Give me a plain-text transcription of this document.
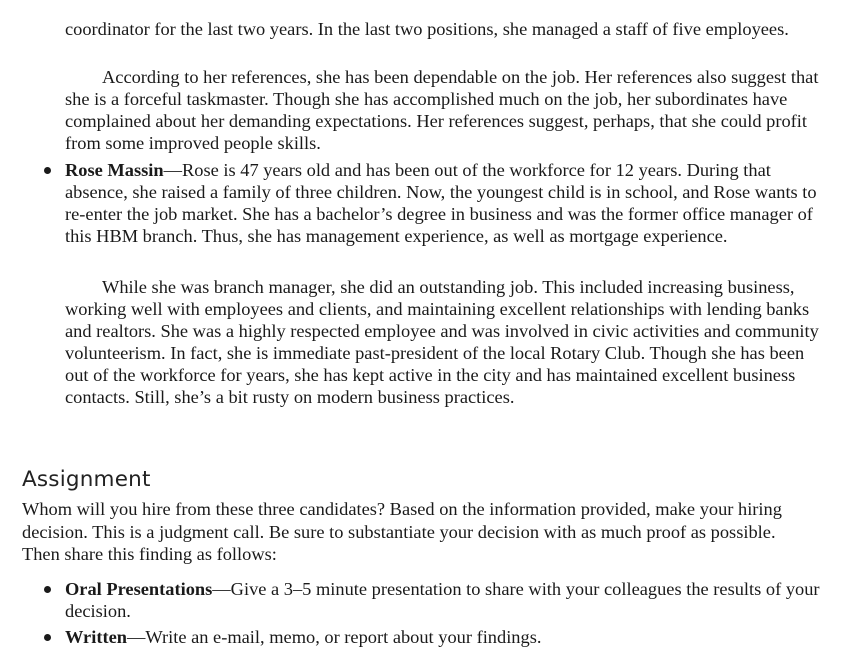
coordinator for the last two years. In the last two positions, she managed a staff of five employees.

According to her references, she has been dependable on the job. Her references also suggest that she is a forceful taskmaster. Though she has accomplished much on the job, her subordinates have complained about her demanding expectations. Her references suggest, perhaps, that she could profit from some improved people skills.

Rose Massin—Rose is 47 years old and has been out of the workforce for 12 years. During that absence, she raised a family of three children. Now, the youngest child is in school, and Rose wants to re-enter the job market. She has a bachelor’s degree in business and was the former office manager of this HBM branch. Thus, she has management experience, as well as mortgage experience.

While she was branch manager, she did an outstanding job. This included increasing business, working well with employees and clients, and maintaining excellent relationships with lending banks and realtors. She was a highly respected employee and was involved in civic activities and community volunteerism. In fact, she is immediate past-president of the local Rotary Club. Though she has been out of the workforce for years, she has kept active in the city and has maintained excellent business contacts. Still, she’s a bit rusty on modern business practices.

Assignment

Whom will you hire from these three candidates? Based on the information provided, make your hiring decision. This is a judgment call. Be sure to substantiate your decision with as much proof as possible. Then share this finding as follows:

Oral Presentations—Give a 3–5 minute presentation to share with your colleagues the results of your decision.

Written—Write an e-mail, memo, or report about your findings.
